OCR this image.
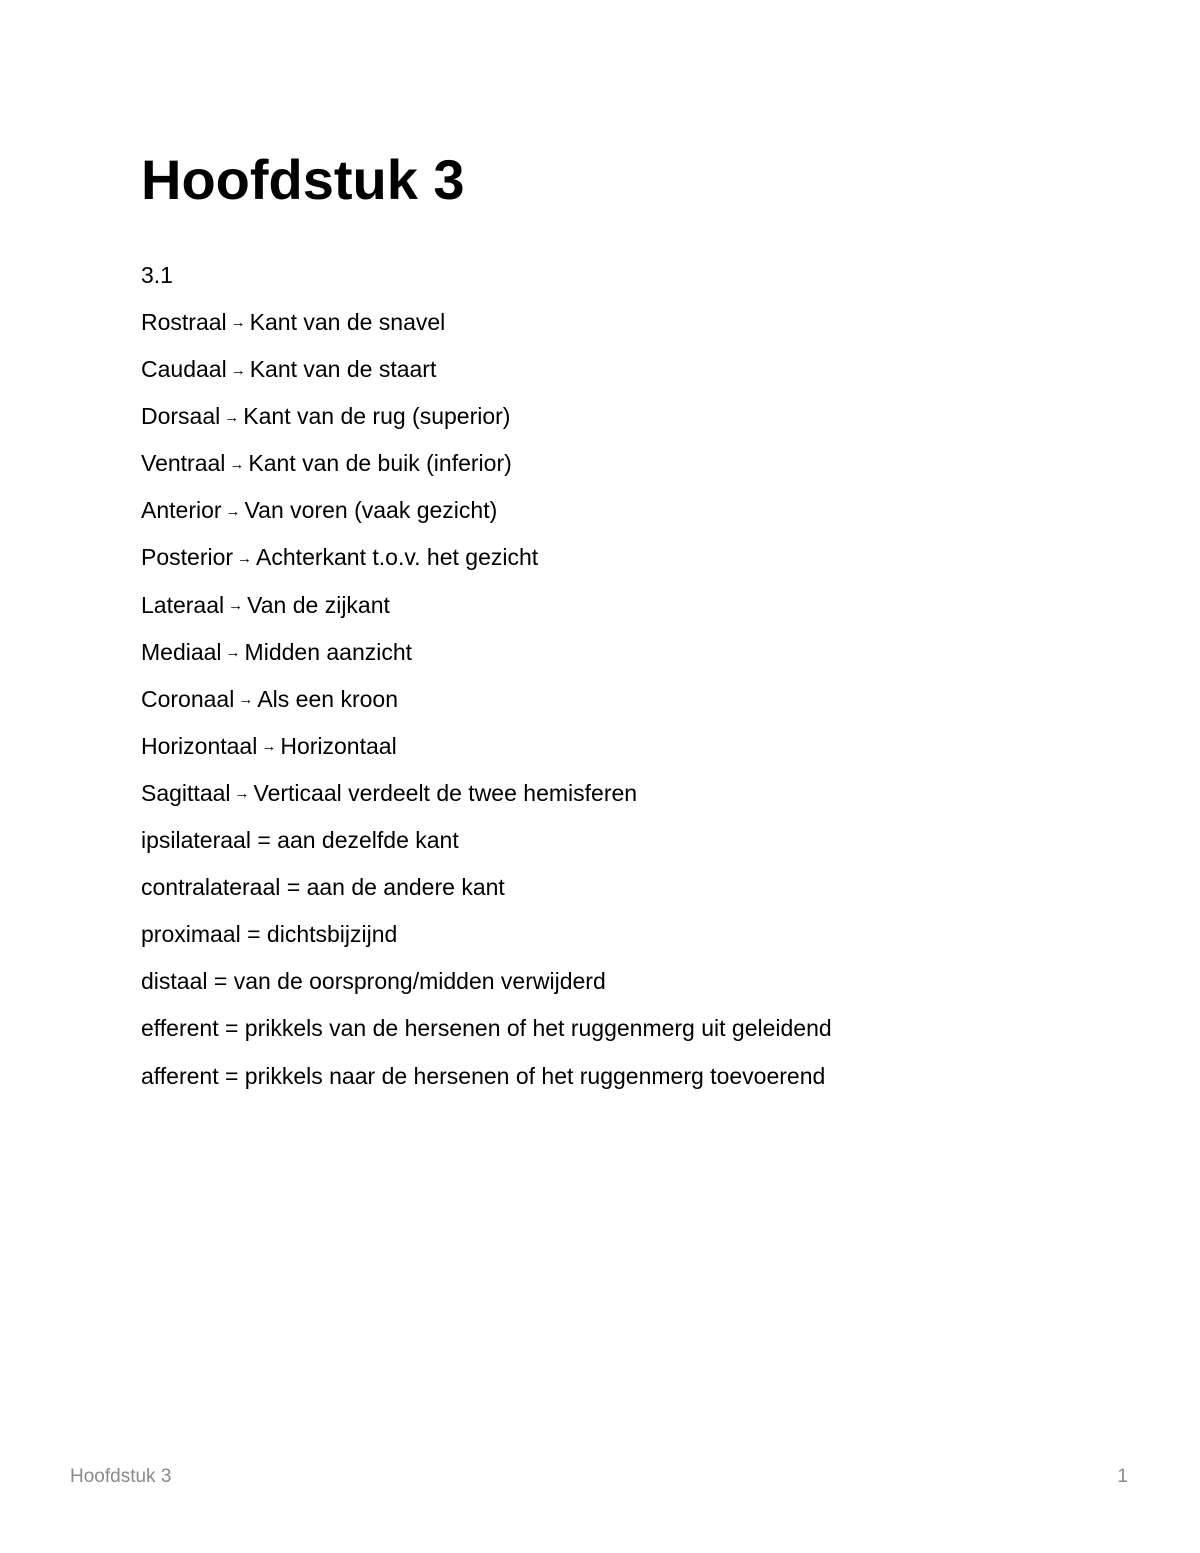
Hoofdstuk 3
3.1
Rostraal → Kant van de snavel
Caudaal → Kant van de staart
Dorsaal → Kant van de rug (superior)
Ventraal → Kant van de buik (inferior)
Anterior → Van voren (vaak gezicht)
Posterior → Achterkant t.o.v. het gezicht
Lateraal → Van de zijkant
Mediaal → Midden aanzicht
Coronaal → Als een kroon
Horizontaal → Horizontaal
Sagittaal → Verticaal verdeelt de twee hemisferen
ipsilateraal = aan dezelfde kant
contralateraal = aan de andere kant
proximaal = dichtsbijzijnd
distaal = van de oorsprong/midden verwijderd
efferent = prikkels van de hersenen of het ruggenmerg uit geleidend
afferent = prikkels naar de hersenen of het ruggenmerg toevoerend
Hoofdstuk 3	1
